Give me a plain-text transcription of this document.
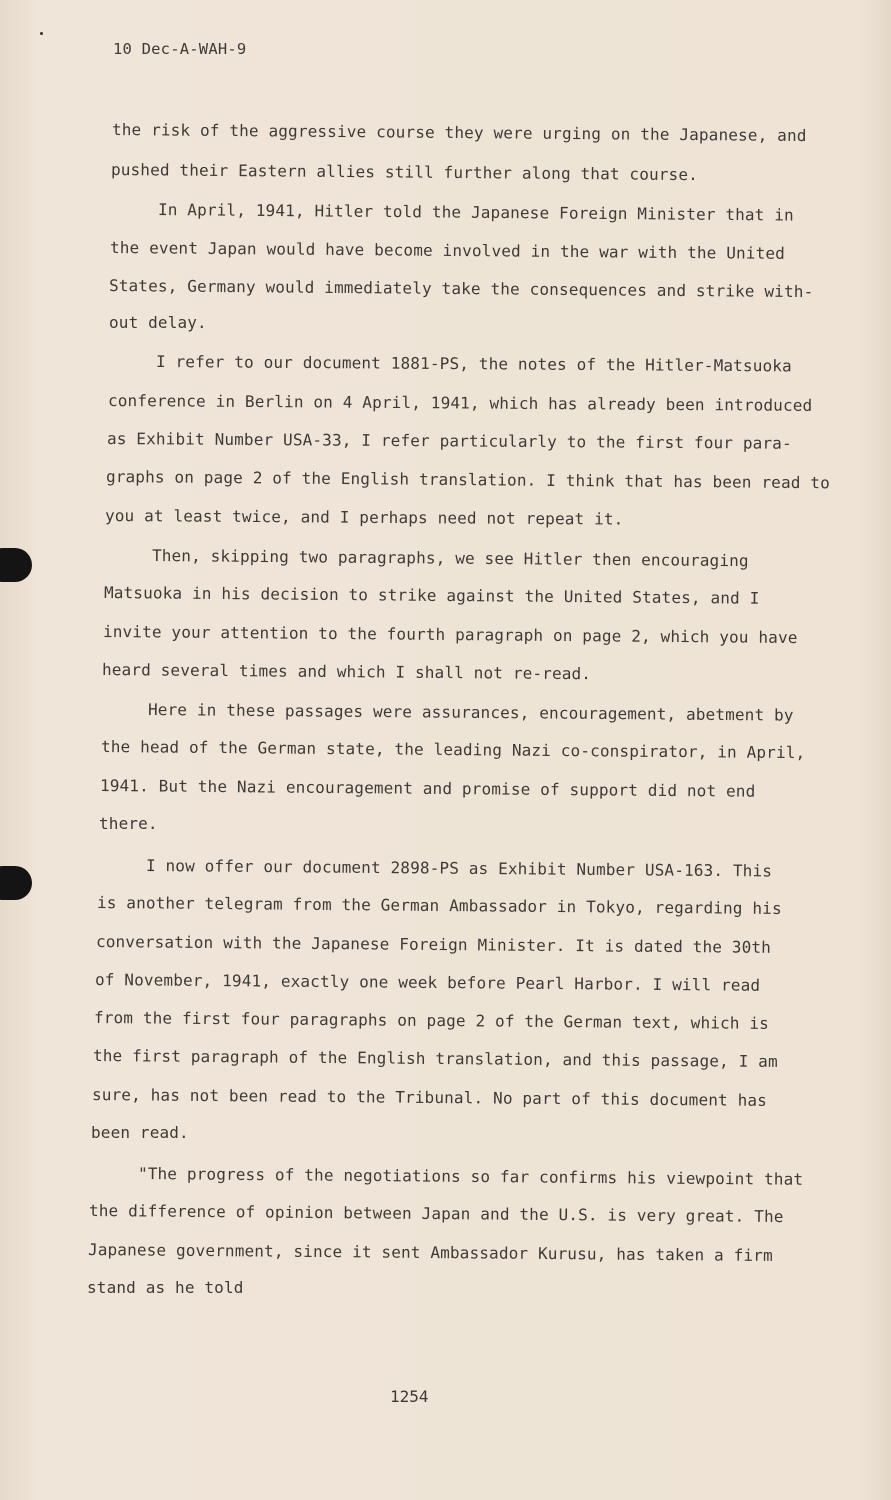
10 Dec-A-WAH-9
the risk of the aggressive course they were urging on the Japanese, and
pushed their Eastern allies still further along that course.
In April, 1941, Hitler told the Japanese Foreign Minister that in
the event Japan would have become involved in the war with the United
States, Germany would immediately take the consequences and strike with-
out delay.
I refer to our document 1881-PS, the notes of the Hitler-Matsuoka
conference in Berlin on 4 April, 1941, which has already been introduced
as Exhibit Number USA-33, I refer particularly to the first four para-
graphs on page 2 of the English translation. I think that has been read to
you at least twice, and I perhaps need not repeat it.
Then, skipping two paragraphs, we see Hitler then encouraging
Matsuoka in his decision to strike against the United States, and I
invite your attention to the fourth paragraph on page 2, which you have
heard several times and which I shall not re-read.
Here in these passages were assurances, encouragement, abetment by
the head of the German state, the leading Nazi co-conspirator, in April,
1941. But the Nazi encouragement and promise of support did not end
there.
I now offer our document 2898-PS as Exhibit Number USA-163. This
is another telegram from the German Ambassador in Tokyo, regarding his
conversation with the Japanese Foreign Minister. It is dated the 30th
of November, 1941, exactly one week before Pearl Harbor. I will read
from the first four paragraphs on page 2 of the German text, which is
the first paragraph of the English translation, and this passage, I am
sure, has not been read to the Tribunal. No part of this document has
been read.
"The progress of the negotiations so far confirms his viewpoint that
the difference of opinion between Japan and the U.S. is very great. The
Japanese government, since it sent Ambassador Kurusu, has taken a firm
stand as he told
1254
